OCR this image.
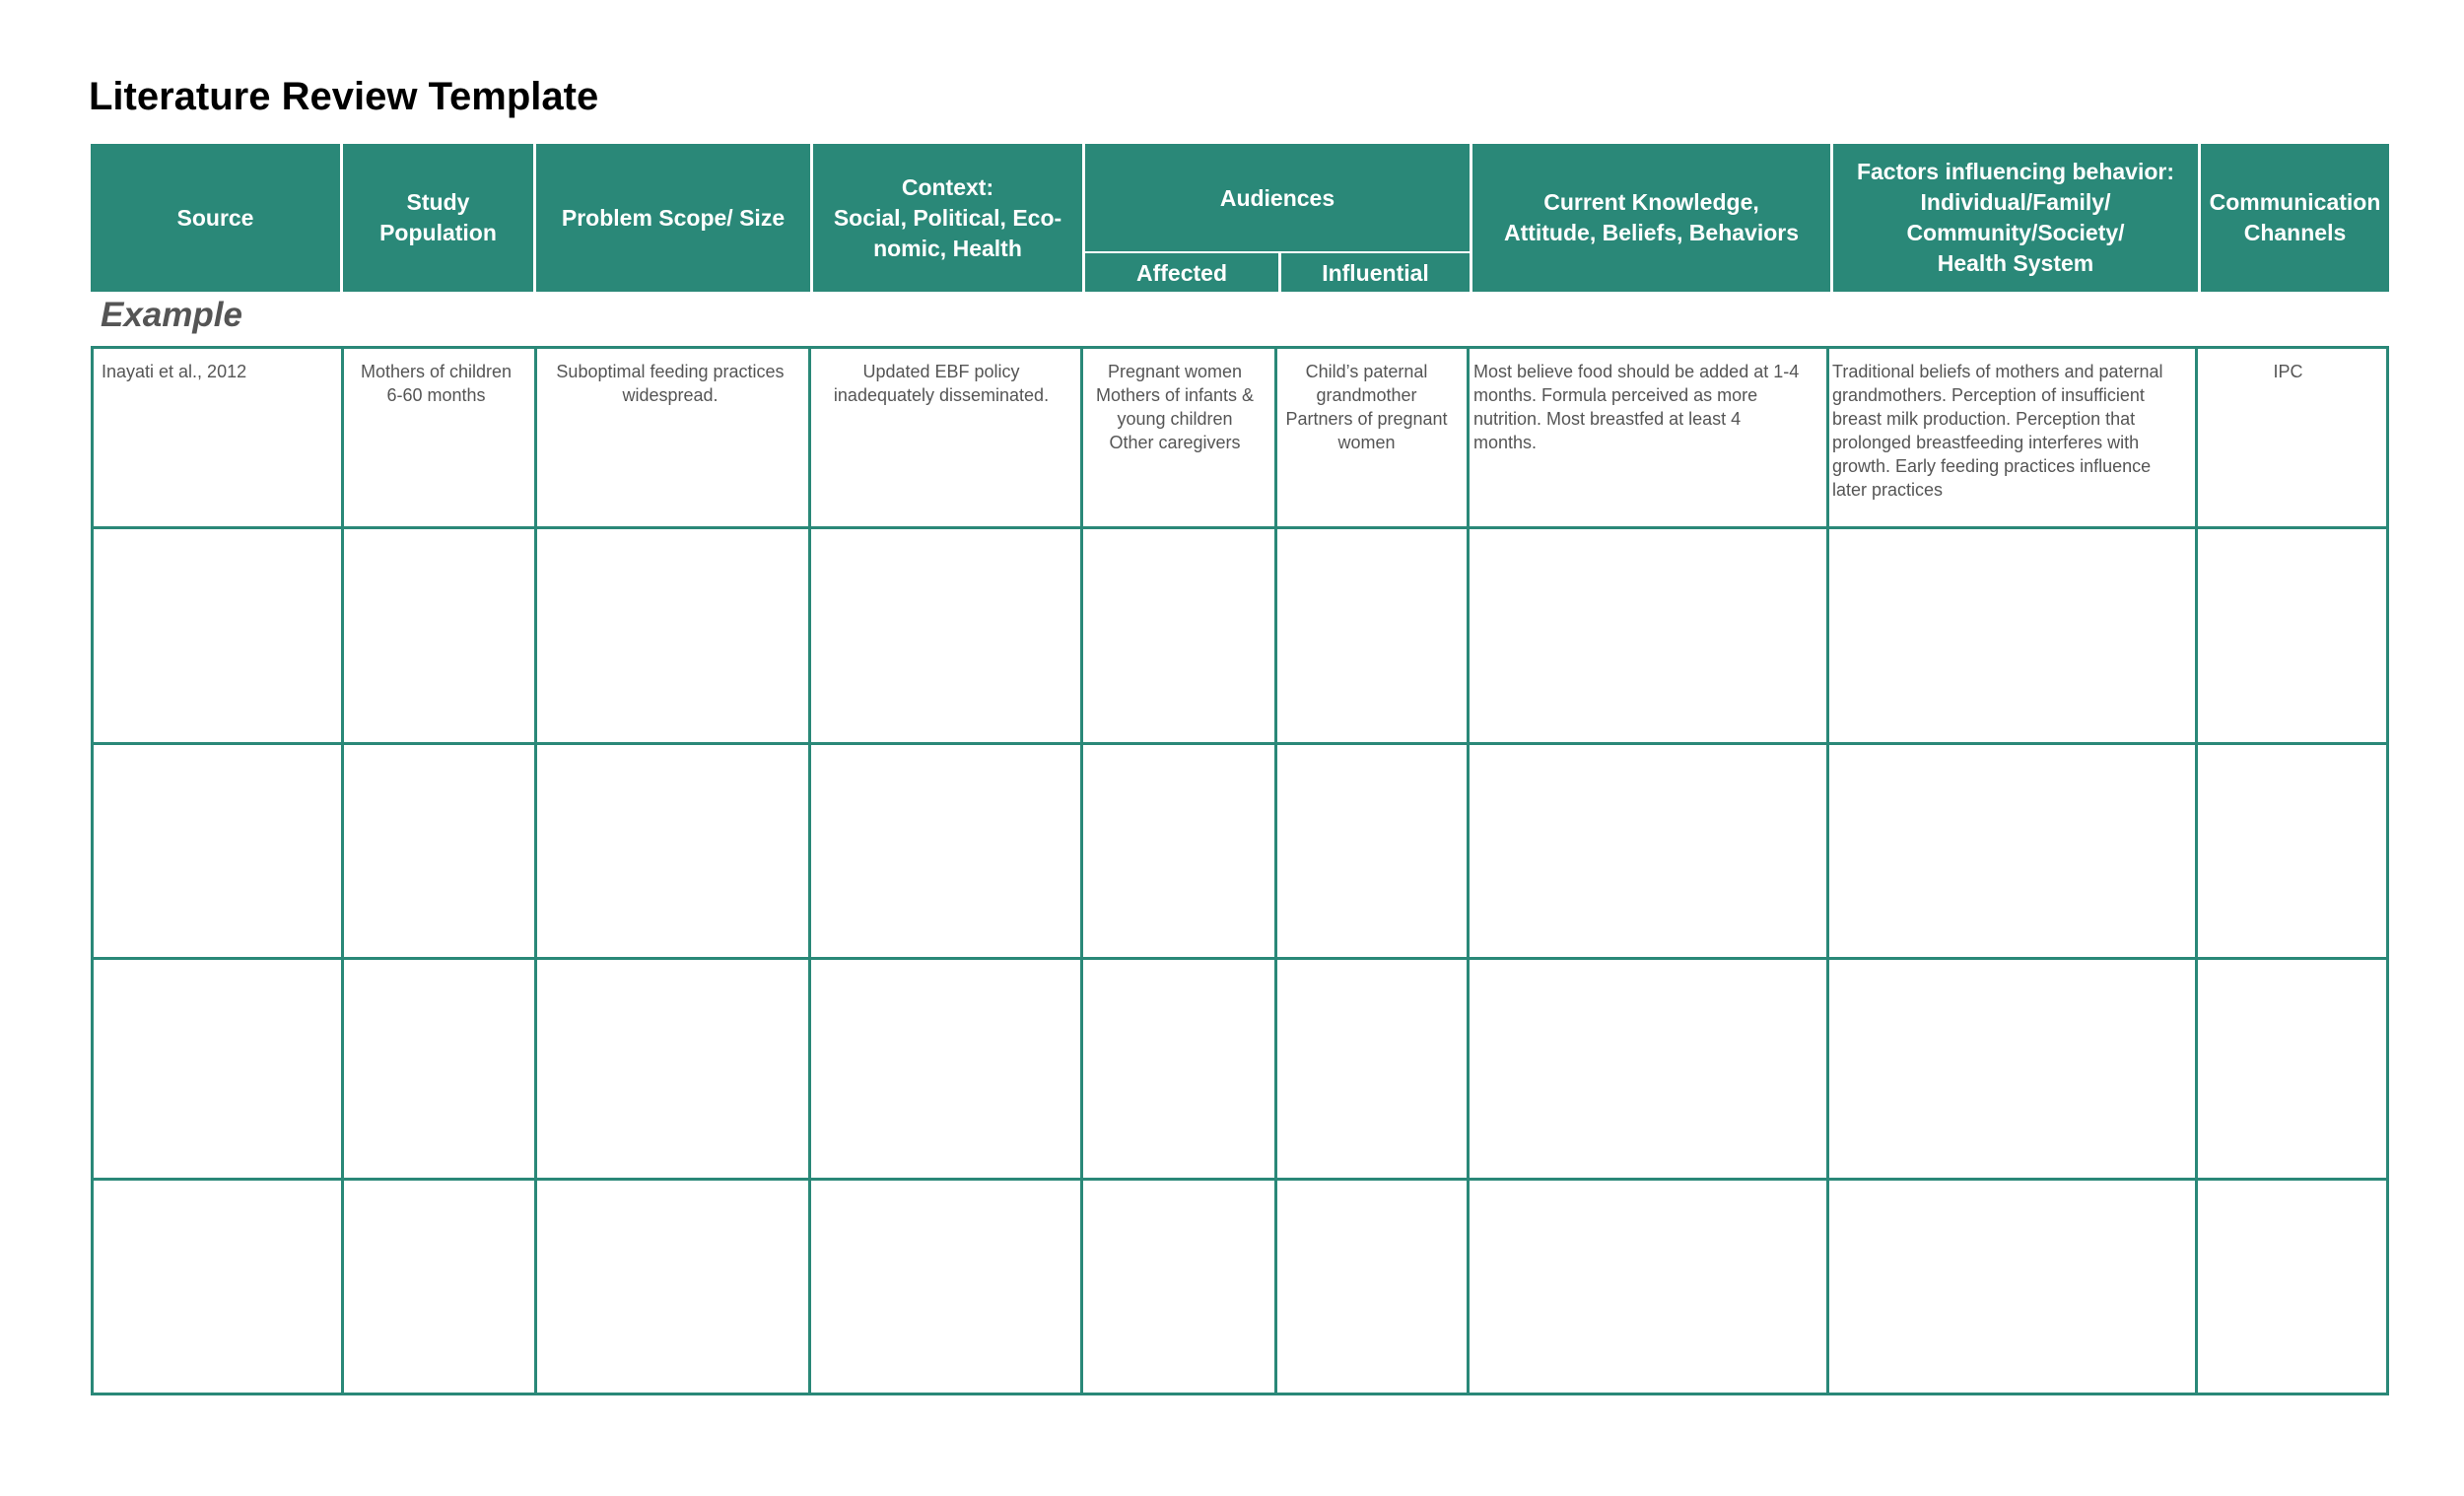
Literature Review Template
Source
Study
Population
Problem Scope/ Size
Context:
Social, Political, Eco-
nomic, Health
Audiences
Affected	Influential
Current Knowledge,
Attitude, Beliefs, Behaviors
Factors influencing behavior:
Individual/Family/
Community/Society/
Health System
Communication
Channels
Example
Inayati et al., 2012	Mothers of children
6-60 months
Suboptimal feeding practices
widespread.
Updated EBF policy
inadequately disseminated.
Pregnant women
Mothers of infants &
young children
Other caregivers
Child’s paternal
grandmother
Partners of pregnant
women
Most believe food should be added at 1-4
months. Formula perceived as more
nutrition. Most breastfed at least 4
months.
Traditional beliefs of mothers and paternal
grandmothers. Perception of insufficient
breast milk production. Perception that
prolonged breastfeeding interferes with
growth. Early feeding practices influence
later practices
IPC
